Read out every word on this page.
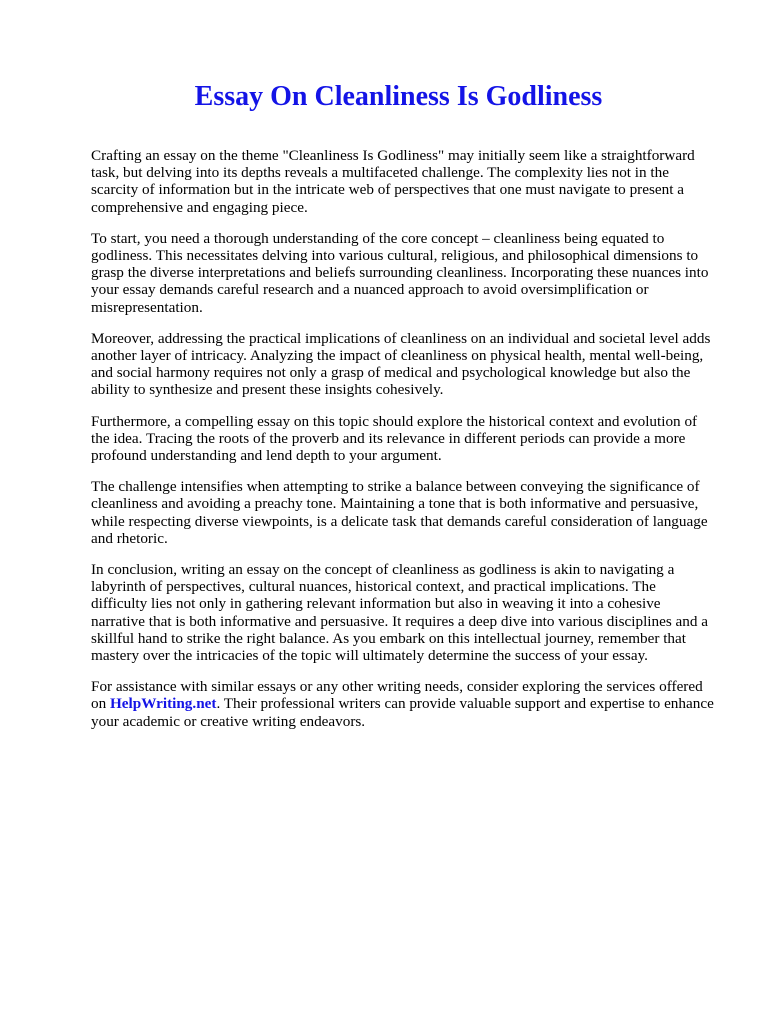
Essay On Cleanliness Is Godliness

Crafting an essay on the theme "Cleanliness Is Godliness" may initially seem like a straightforward task, but delving into its depths reveals a multifaceted challenge. The complexity lies not in the scarcity of information but in the intricate web of perspectives that one must navigate to present a comprehensive and engaging piece.

To start, you need a thorough understanding of the core concept – cleanliness being equated to godliness. This necessitates delving into various cultural, religious, and philosophical dimensions to grasp the diverse interpretations and beliefs surrounding cleanliness. Incorporating these nuances into your essay demands careful research and a nuanced approach to avoid oversimplification or misrepresentation.

Moreover, addressing the practical implications of cleanliness on an individual and societal level adds another layer of intricacy. Analyzing the impact of cleanliness on physical health, mental well-being, and social harmony requires not only a grasp of medical and psychological knowledge but also the ability to synthesize and present these insights cohesively.

Furthermore, a compelling essay on this topic should explore the historical context and evolution of the idea. Tracing the roots of the proverb and its relevance in different periods can provide a more profound understanding and lend depth to your argument.

The challenge intensifies when attempting to strike a balance between conveying the significance of cleanliness and avoiding a preachy tone. Maintaining a tone that is both informative and persuasive, while respecting diverse viewpoints, is a delicate task that demands careful consideration of language and rhetoric.

In conclusion, writing an essay on the concept of cleanliness as godliness is akin to navigating a labyrinth of perspectives, cultural nuances, historical context, and practical implications. The difficulty lies not only in gathering relevant information but also in weaving it into a cohesive narrative that is both informative and persuasive. It requires a deep dive into various disciplines and a skillful hand to strike the right balance. As you embark on this intellectual journey, remember that mastery over the intricacies of the topic will ultimately determine the success of your essay.

For assistance with similar essays or any other writing needs, consider exploring the services offered on HelpWriting.net. Their professional writers can provide valuable support and expertise to enhance your academic or creative writing endeavors.
